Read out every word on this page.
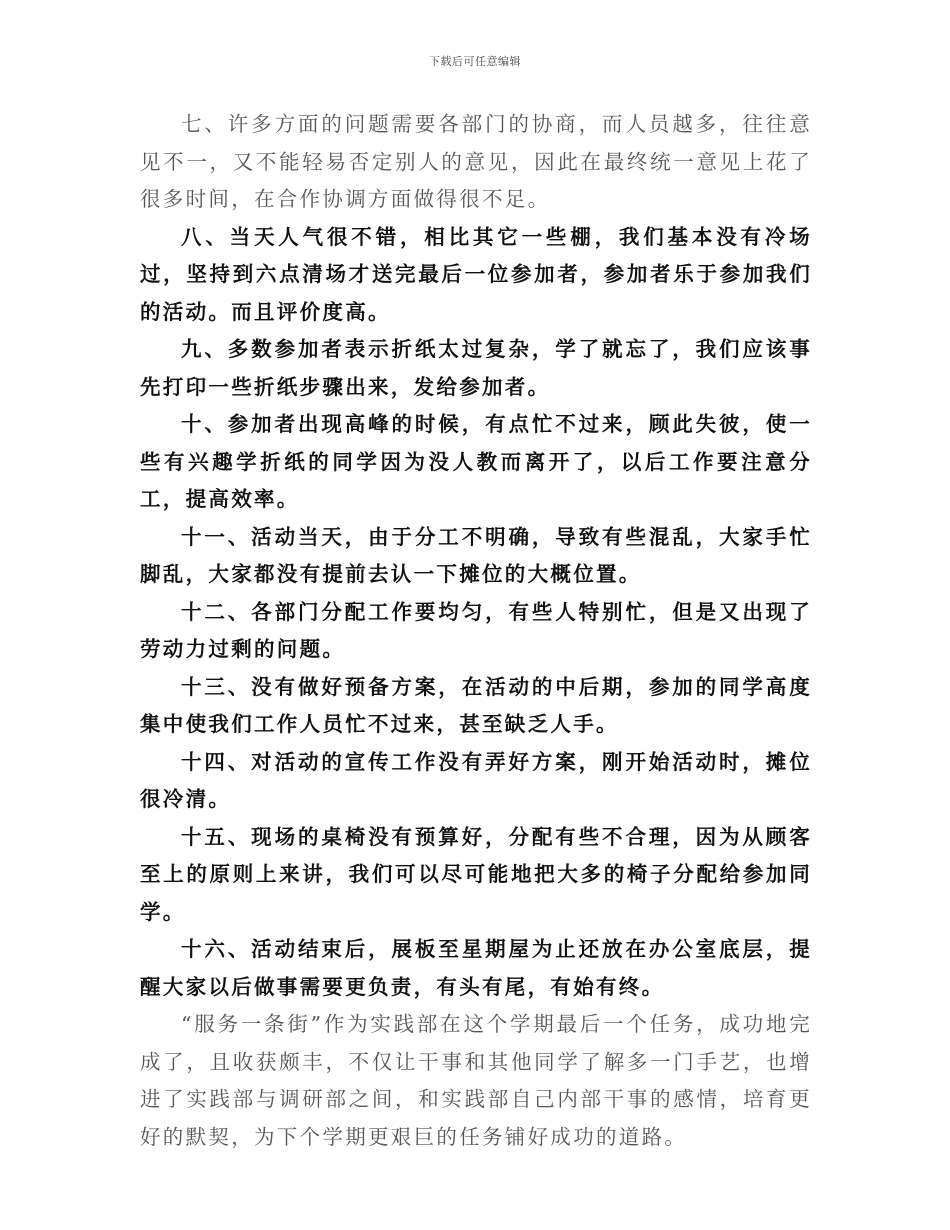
下载后可任意编辑

七、许多方面的问题需要各部门的协商，而人员越多，往往意见不一，又不能轻易否定别人的意见，因此在最终统一意见上花了很多时间，在合作协调方面做得很不足。

八、当天人气很不错，相比其它一些棚，我们基本没有冷场过，坚持到六点清场才送完最后一位参加者，参加者乐于参加我们的活动。而且评价度高。

九、多数参加者表示折纸太过复杂，学了就忘了，我们应该事先打印一些折纸步骤出来，发给参加者。

十、参加者出现高峰的时候，有点忙不过来，顾此失彼，使一些有兴趣学折纸的同学因为没人教而离开了，以后工作要注意分工，提高效率。

十一、活动当天，由于分工不明确，导致有些混乱，大家手忙脚乱，大家都没有提前去认一下摊位的大概位置。

十二、各部门分配工作要均匀，有些人特别忙，但是又出现了劳动力过剩的问题。

十三、没有做好预备方案，在活动的中后期，参加的同学高度集中使我们工作人员忙不过来，甚至缺乏人手。

十四、对活动的宣传工作没有弄好方案，刚开始活动时，摊位很冷清。

十五、现场的桌椅没有预算好，分配有些不合理，因为从顾客至上的原则上来讲，我们可以尽可能地把大多的椅子分配给参加同学。

十六、活动结束后，展板至星期屋为止还放在办公室底层，提醒大家以后做事需要更负责，有头有尾，有始有终。

“服务一条街”作为实践部在这个学期最后一个任务，成功地完成了，且收获颇丰，不仅让干事和其他同学了解多一门手艺，也增进了实践部与调研部之间，和实践部自己内部干事的感情，培育更好的默契，为下个学期更艰巨的任务铺好成功的道路。
